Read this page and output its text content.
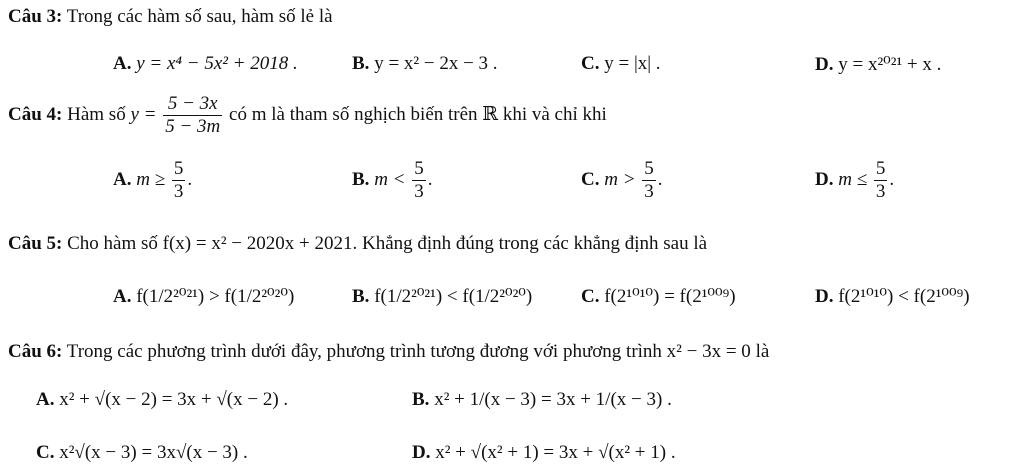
Câu 3: Trong các hàm số sau, hàm số lẻ là
A. y = x⁴ − 5x² + 2018 .	B. y = x² − 2x − 3 .	C. y = |x| .	D. y = x²⁰²¹ + x .
Câu 4: Hàm số $y = \frac{5 - 3x}{5 - 3m}$ có m là tham số nghịch biến trên ℝ khi và chỉ khi
A. $m \ge \frac{5}{3}$ .	B. $m < \frac{5}{3}$ .	C. $m > \frac{5}{3}$ .	D. $m \le \frac{5}{3}$ .
Câu 5: Cho hàm số f(x) = x² − 2020x + 2021. Khẳng định đúng trong các khẳng định sau là
A. f(1/2²⁰²¹) > f(1/2²⁰²⁰)	B. f(1/2²⁰²¹) < f(1/2²⁰²⁰)	C. f(2¹⁰¹⁰) = f(2¹⁰⁰⁹)	D. f(2¹⁰¹⁰) < f(2¹⁰⁰⁹)
Câu 6: Trong các phương trình dưới đây, phương trình tương đương với phương trình x² − 3x = 0 là
A. x² + √(x − 2) = 3x + √(x − 2) .	B. x² + 1/(x − 3) = 3x + 1/(x − 3) .
C. x²√(x − 3) = 3x√(x − 3) .	D. x² + √(x² + 1) = 3x + √(x² + 1) .
